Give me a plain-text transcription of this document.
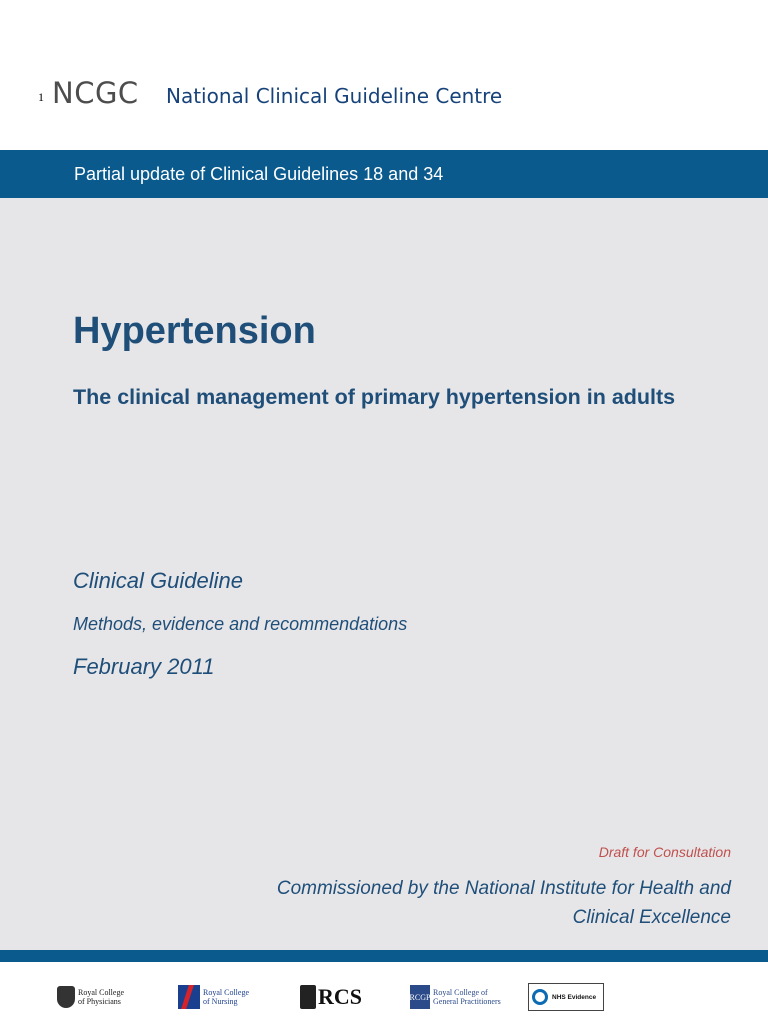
1 NCGC National Clinical Guideline Centre
Partial update of Clinical Guidelines 18 and 34
Hypertension
The clinical management of primary hypertension in adults
Clinical Guideline
Methods, evidence and recommendations
February 2011
Draft for Consultation
Commissioned by the National Institute for Health and Clinical Excellence
Royal College of Physicians
Royal College of Nursing	RCS	RCGP Royal College of General Practitioners	NHS Evidence
